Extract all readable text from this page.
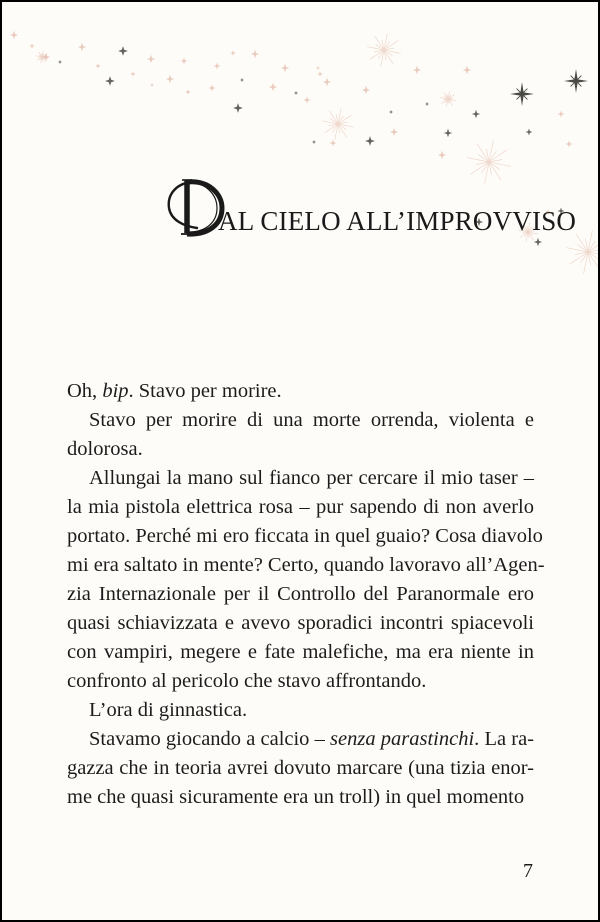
AL CIELO ALL’IMPROVVISO

Oh, bip. Stavo per morire.

Stavo per morire di una morte orrenda, violenta e
dolorosa.

Allungai la mano sul fianco per cercare il mio taser –
la mia pistola elettrica rosa – pur sapendo di non averlo
portato. Perché mi ero ficcata in quel guaio? Cosa diavolo
mi era saltato in mente? Certo, quando lavoravo all’Agen-
zia Internazionale per il Controllo del Paranormale ero
quasi schiavizzata e avevo sporadici incontri spiacevoli
con vampiri, megere e fate malefiche, ma era niente in
confronto al pericolo che stavo affrontando.

L’ora di ginnastica.

Stavamo giocando a calcio – senza parastinchi. La ra-
gazza che in teoria avrei dovuto marcare (una tizia enor-
me che quasi sicuramente era un troll) in quel momento

7
